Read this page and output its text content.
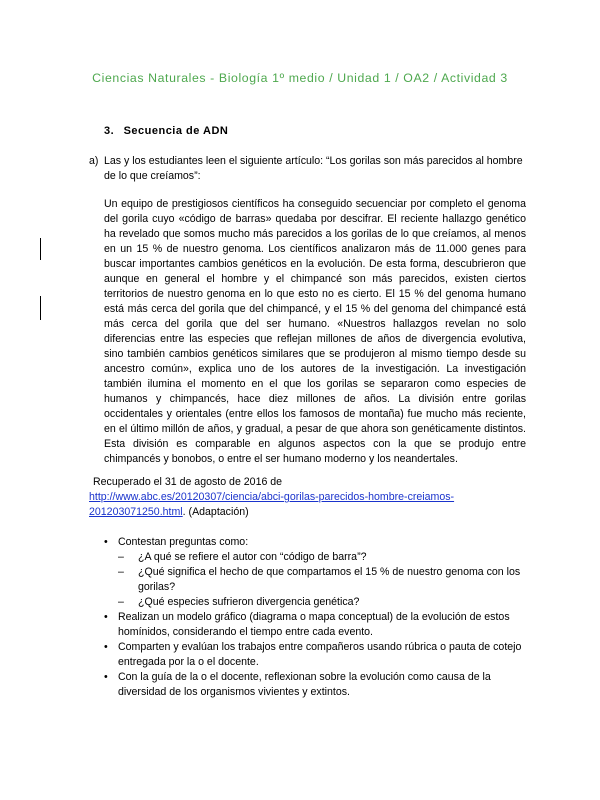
Ciencias Naturales - Biología 1º medio / Unidad 1 / OA2 / Actividad 3
3. Secuencia de ADN
a) Las y los estudiantes leen el siguiente artículo: “Los gorilas son más parecidos al hombre de lo que creíamos”:
Un equipo de prestigiosos científicos ha conseguido secuenciar por completo el genoma del gorila cuyo «código de barras» quedaba por descifrar. El reciente hallazgo genético ha revelado que somos mucho más parecidos a los gorilas de lo que creíamos, al menos en un 15 % de nuestro genoma. Los científicos analizaron más de 11.000 genes para buscar importantes cambios genéticos en la evolución. De esta forma, descubrieron que aunque en general el hombre y el chimpancé son más parecidos, existen ciertos territorios de nuestro genoma en lo que esto no es cierto. El 15 % del genoma humano está más cerca del gorila que del chimpancé, y el 15 % del genoma del chimpancé está más cerca del gorila que del ser humano. «Nuestros hallazgos revelan no solo diferencias entre las especies que reflejan millones de años de divergencia evolutiva, sino también cambios genéticos similares que se produjeron al mismo tiempo desde su ancestro común», explica uno de los autores de la investigación. La investigación también ilumina el momento en el que los gorilas se separaron como especies de humanos y chimpancés, hace diez millones de años. La división entre gorilas occidentales y orientales (entre ellos los famosos de montaña) fue mucho más reciente, en el último millón de años, y gradual, a pesar de que ahora son genéticamente distintos. Esta división es comparable en algunos aspectos con la que se produjo entre chimpancés y bonobos, o entre el ser humano moderno y los neandertales.
Recuperado el 31 de agosto de 2016 de
http://www.abc.es/20120307/ciencia/abci-gorilas-parecidos-hombre-creiamos-
201203071250.html. (Adaptación)
• Contestan preguntas como:
– ¿A qué se refiere el autor con “código de barra”?
– ¿Qué significa el hecho de que compartamos el 15 % de nuestro genoma con los gorilas?
– ¿Qué especies sufrieron divergencia genética?
• Realizan un modelo gráfico (diagrama o mapa conceptual) de la evolución de estos homínidos, considerando el tiempo entre cada evento.
• Comparten y evalúan los trabajos entre compañeros usando rúbrica o pauta de cotejo entregada por la o el docente.
• Con la guía de la o el docente, reflexionan sobre la evolución como causa de la diversidad de los organismos vivientes y extintos.
